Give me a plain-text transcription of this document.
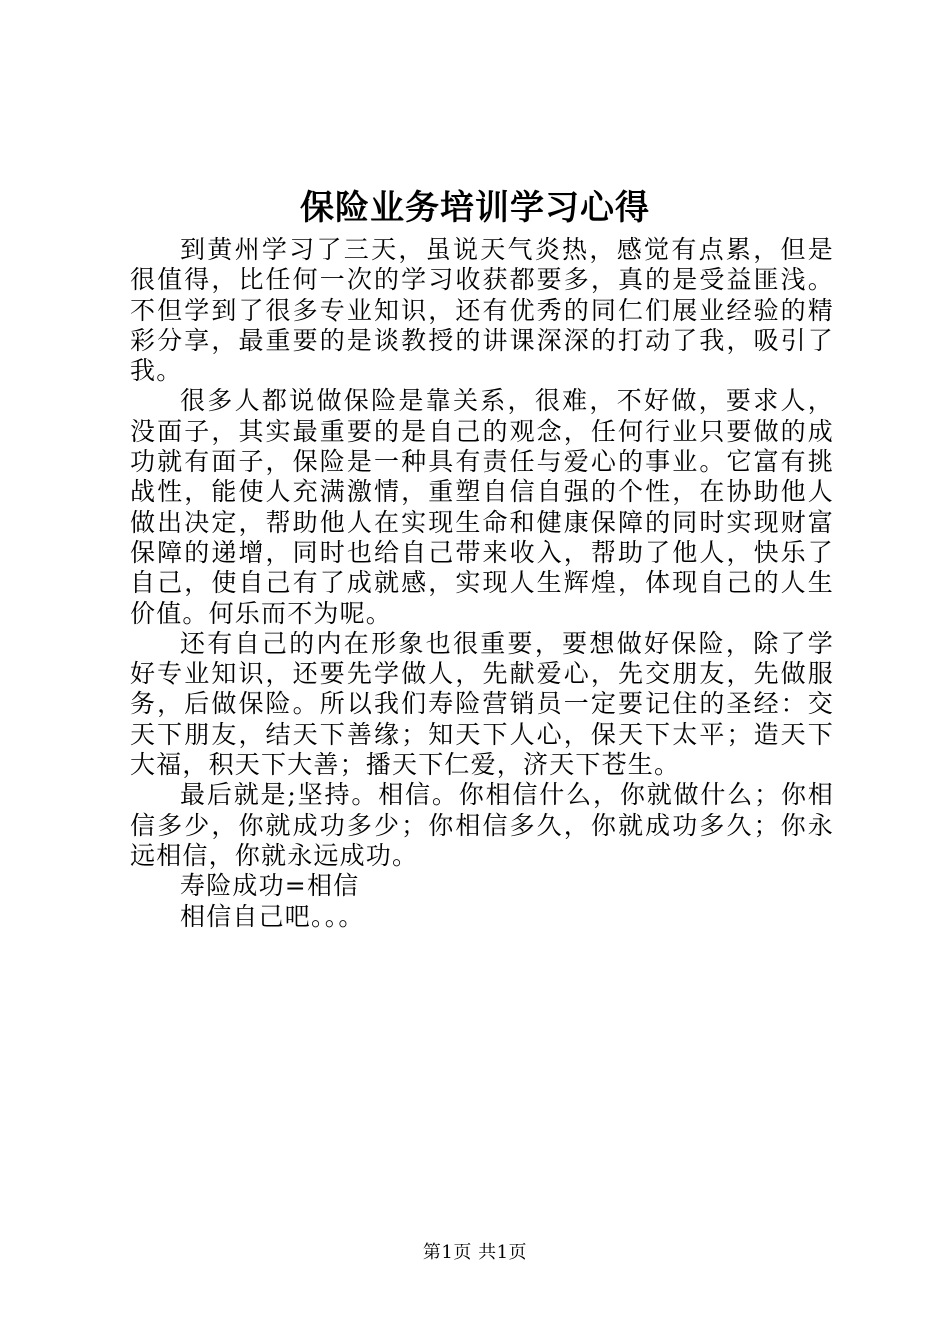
保险业务培训学习心得

到黄州学习了三天，虽说天气炎热，感觉有点累，但是很值得，比任何一次的学习收获都要多，真的是受益匪浅。不但学到了很多专业知识，还有优秀的同仁们展业经验的精彩分享，最重要的是谈教授的讲课深深的打动了我，吸引了我。

很多人都说做保险是靠关系，很难，不好做，要求人，没面子，其实最重要的是自己的观念，任何行业只要做的成功就有面子，保险是一种具有责任与爱心的事业。它富有挑战性，能使人充满激情，重塑自信自强的个性，在协助他人做出决定，帮助他人在实现生命和健康保障的同时实现财富保障的递增，同时也给自己带来收入，帮助了他人，快乐了自己，使自己有了成就感，实现人生辉煌，体现自己的人生价值。何乐而不为呢。

还有自己的内在形象也很重要，要想做好保险，除了学好专业知识，还要先学做人，先献爱心，先交朋友，先做服务，后做保险。所以我们寿险营销员一定要记住的圣经：交天下朋友，结天下善缘；知天下人心，保天下太平；造天下大福，积天下大善；播天下仁爱，济天下苍生。

最后就是;坚持。相信。你相信什么，你就做什么；你相信多少，你就成功多少；你相信多久，你就成功多久；你永远相信，你就永远成功。

寿险成功=相信

相信自己吧。。。

第1页 共1页
